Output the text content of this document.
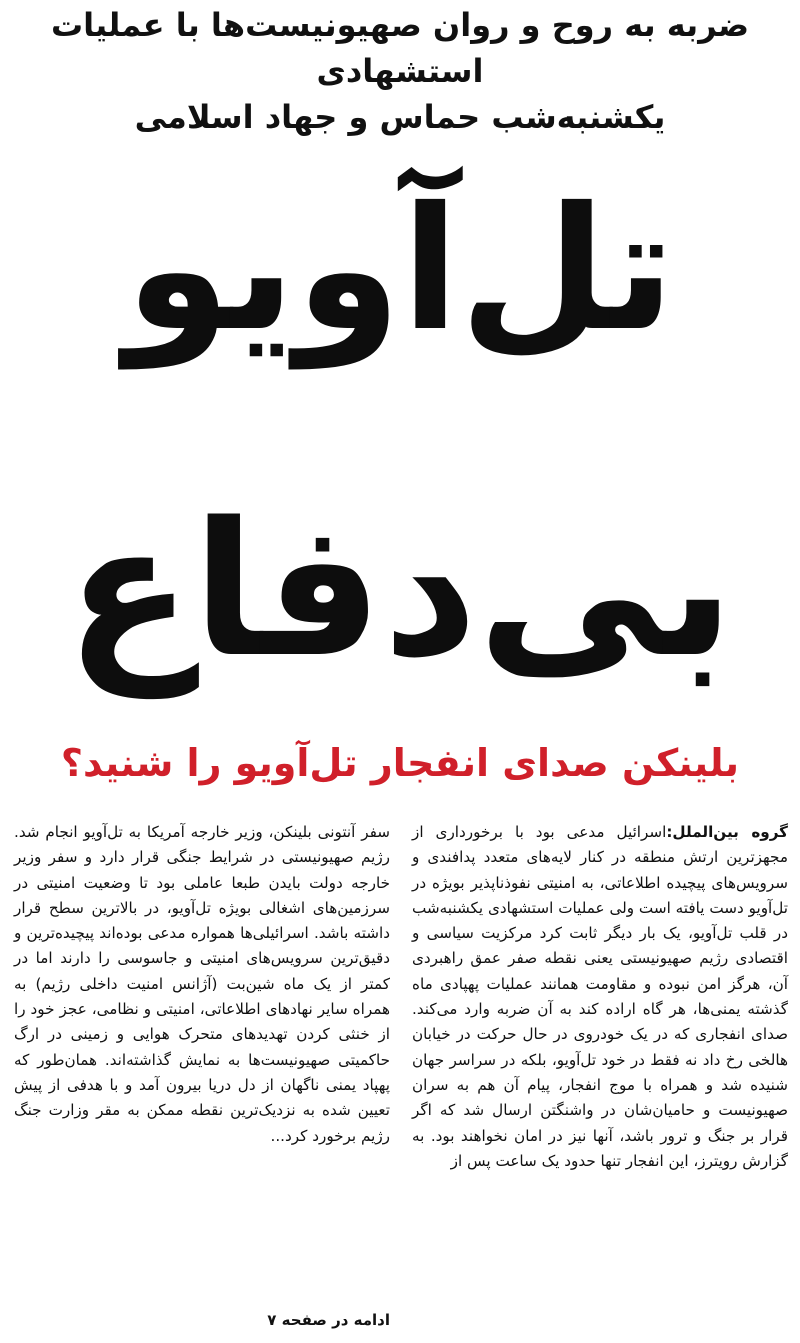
ضربه به روح و روان صهیونیست‌ها با عملیات استشهادی
یکشنبه‌شب حماس و جهاد اسلامی
تل‌آویو
بی‌دفاع
بلینکن صدای انفجار تل‌آویو را شنید؟

گروه بین‌الملل:اسرائیل مدعی بود با برخورداری از مجهزترین ارتش منطقه در کنار لایه‌های متعدد پدافندی و سرویس‌های پیچیده اطلاعاتی، به امنیتی نفوذناپذیر بویژه در تل‌آویو دست یافته است ولی عملیات استشهادی یکشنبه‌شب در قلب تل‌آویو، یک بار دیگر ثابت کرد مرکزیت سیاسی و اقتصادی رژیم صهیونیستی یعنی نقطه صفر عمق راهبردی آن، هرگز امن نبوده و مقاومت همانند عملیات پهپادی ماه گذشته یمنی‌ها، هر گاه اراده کند به آن ضربه وارد می‌کند. صدای انفجاری که در یک خودروی در حال حرکت در خیابان هالخی رخ داد نه فقط در خود تل‌آویو، بلکه در سراسر جهان شنیده شد و همراه با موج انفجار، پیام آن هم به سران صهیونیست و حامیان‌شان در واشنگتن ارسال شد که اگر قرار بر جنگ و ترور باشد، آنها نیز در امان نخواهند بود. به گزارش رویترز، این انفجار تنها حدود یک ساعت پس از

سفر آنتونی بلینکن، وزیر خارجه آمریکا به تل‌آویو انجام شد. رژیم صهیونیستی در شرایط جنگی قرار دارد و سفر وزیر خارجه دولت بایدن طبعا عاملی بود تا وضعیت امنیتی در سرزمین‌های اشغالی بویژه تل‌آویو، در بالاترین سطح قرار داشته باشد. اسرائیلی‌ها همواره مدعی بوده‌اند پیچیده‌ترین و دقیق‌ترین سرویس‌های امنیتی و جاسوسی را دارند اما در کمتر از یک ماه شین‌بت (آژانس امنیت داخلی رژیم) به همراه سایر نهادهای اطلاعاتی، امنیتی و نظامی، عجز خود را از خنثی کردن تهدیدهای متحرک هوایی و زمینی در ارگ حاکمیتی صهیونیست‌ها به نمایش گذاشته‌اند. همان‌طور که پهپاد یمنی ناگهان از دل دریا بیرون آمد و با هدفی از پیش تعیین شده به نزدیک‌ترین نقطه ممکن به مقر وزارت جنگ رژیم برخورد کرد...

ادامه در صفحه ۷
